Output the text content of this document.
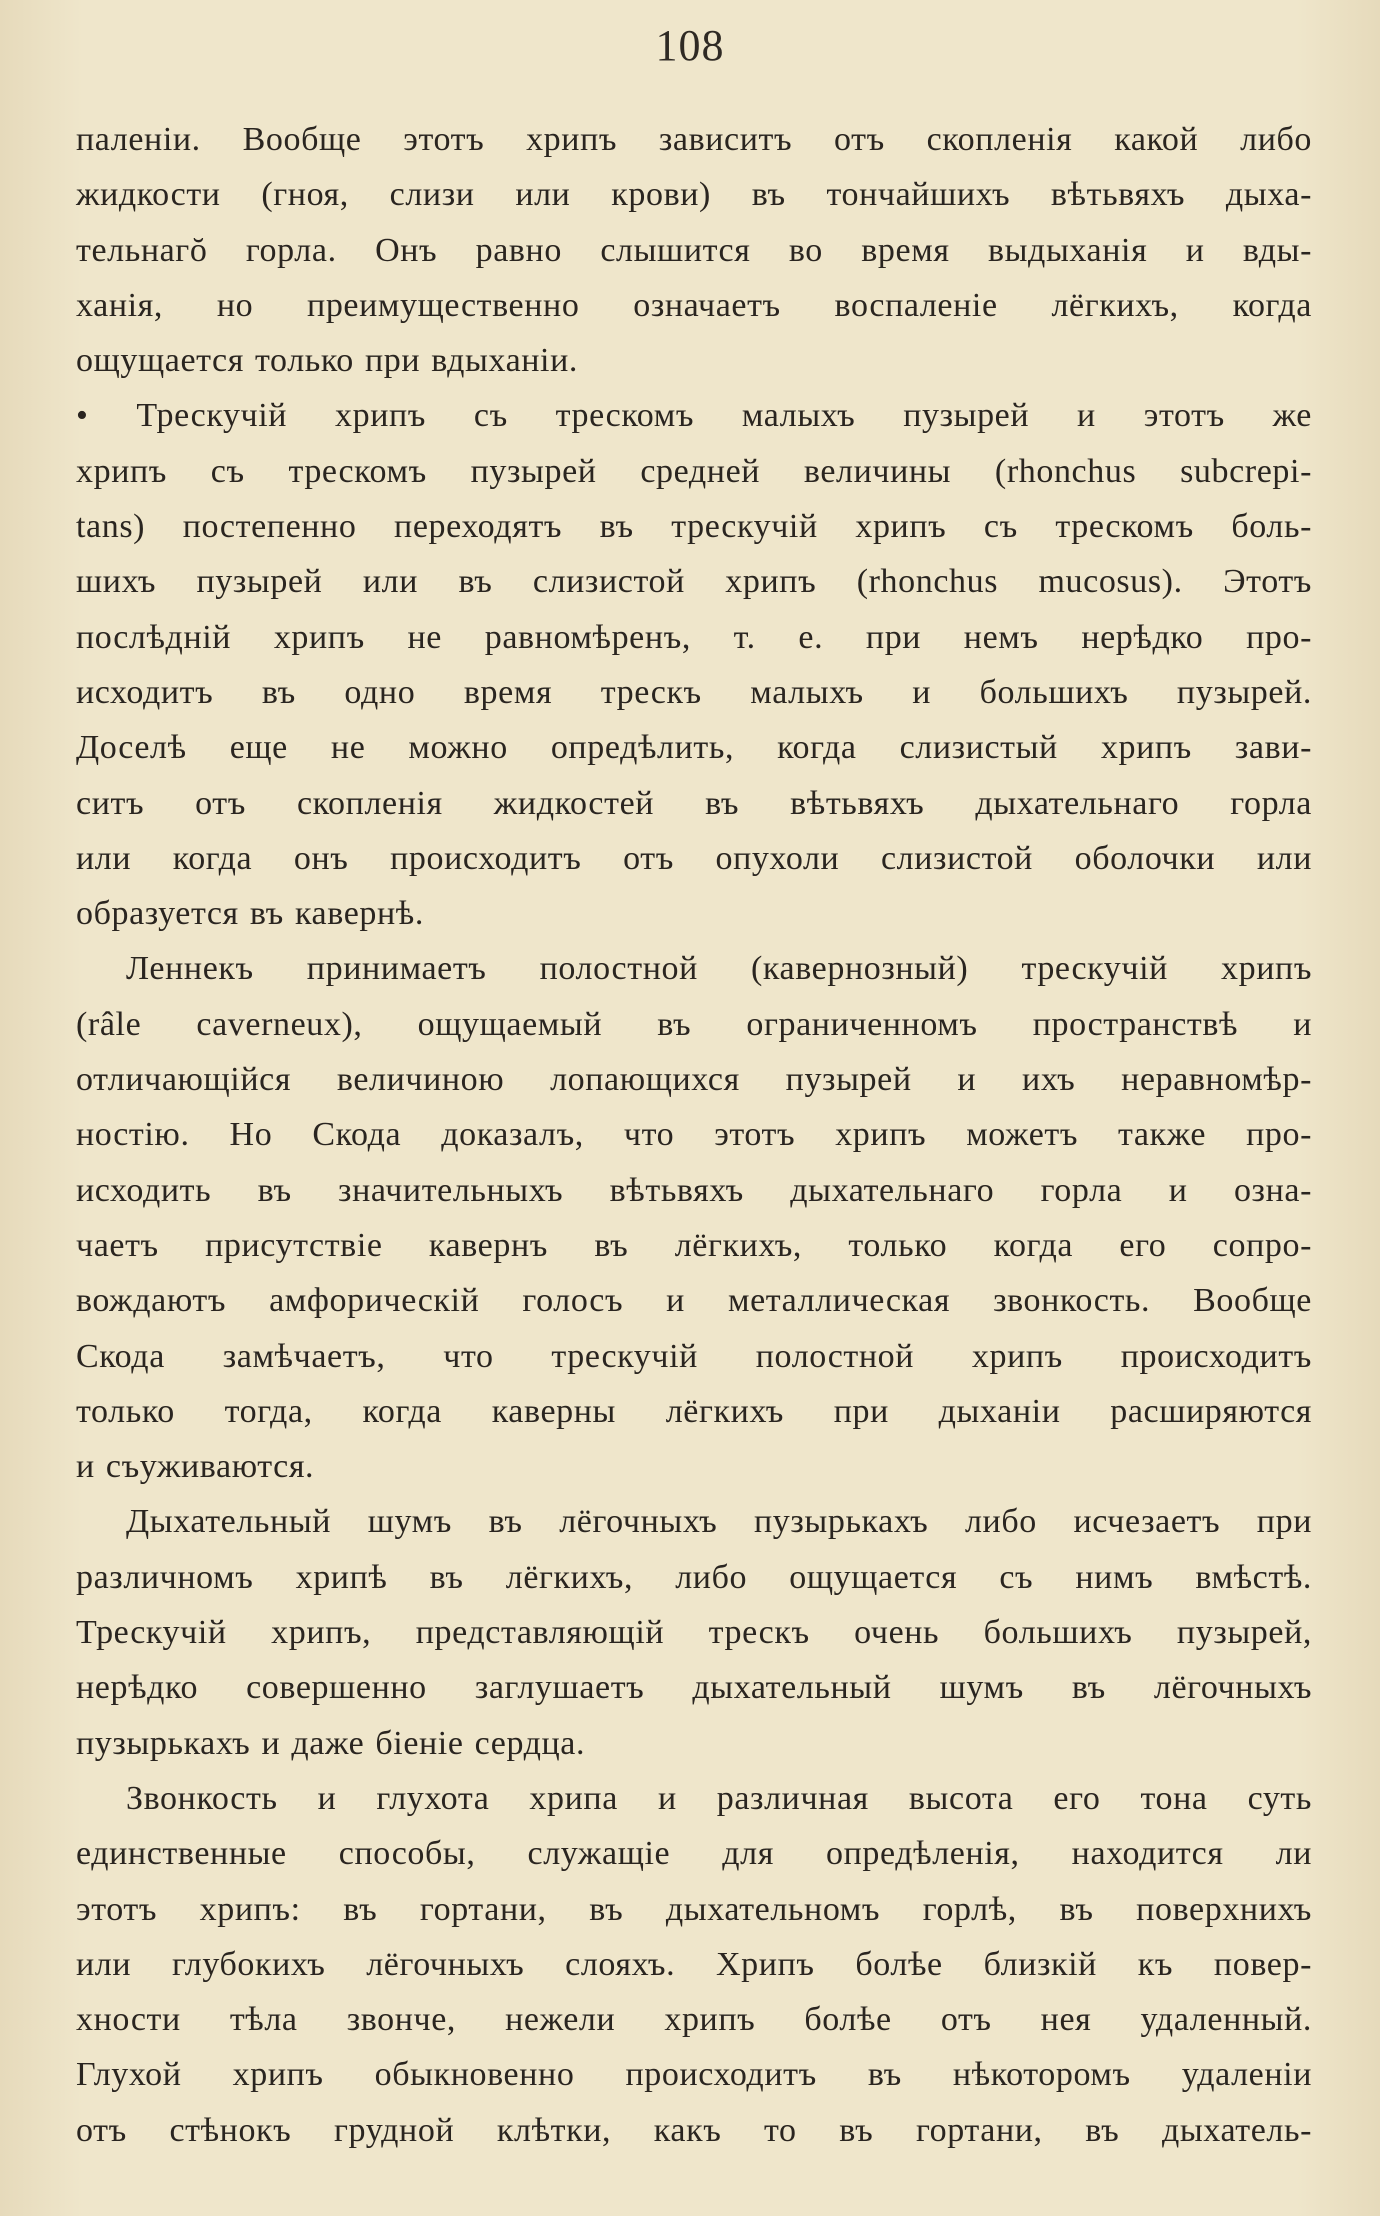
108
паленіи. Вообще этотъ хрипъ зависитъ отъ скопленія какой либо
жидкости (гноя, слизи или крови) въ тончайшихъ вѣтьвяхъ дыха-
тельнагŏ горла. Онъ равно слышится во время выдыханія и вды-
ханія, но преимущественно означаетъ воспаленіе лёгкихъ, когда
ощущается только при вдыханіи.
• Трескучій хрипъ съ трескомъ малыхъ пузырей и этотъ же
хрипъ съ трескомъ пузырей средней величины (rhonchus subcrepi-
tans) постепенно переходятъ въ трескучій хрипъ съ трескомъ боль-
шихъ пузырей или въ слизистой хрипъ (rhonchus mucosus). Этотъ
послѣдній хрипъ не равномѣренъ, т. е. при немъ нерѣдко про-
исходитъ въ одно время трескъ малыхъ и большихъ пузырей.
Доселѣ еще не можно опредѣлить, когда слизистый хрипъ зави-
ситъ отъ скопленія жидкостей въ вѣтьвяхъ дыхательнаго горла
или когда онъ происходитъ отъ опухоли слизистой оболочки или
образуется въ кавернѣ.
Леннекъ принимаетъ полостной (кавернозный) трескучій хрипъ
(râle caverneux), ощущаемый въ ограниченномъ пространствѣ и
отличающійся величиною лопающихся пузырей и ихъ неравномѣр-
ностію. Но Скода доказалъ, что этотъ хрипъ можетъ также про-
исходить въ значительныхъ вѣтьвяхъ дыхательнаго горла и озна-
чаетъ присутствіе кавернъ въ лёгкихъ, только когда его сопро-
вождаютъ амфорическій голосъ и металлическая звонкость. Вообще
Скода замѣчаетъ, что трескучій полостной хрипъ происходитъ
только тогда, когда каверны лёгкихъ при дыханіи расширяются
и съуживаются.
Дыхательный шумъ въ лёгочныхъ пузырькахъ либо исчезаетъ при
различномъ хрипѣ въ лёгкихъ, либо ощущается съ нимъ вмѣстѣ.
Трескучій хрипъ, представляющій трескъ очень большихъ пузырей,
нерѣдко совершенно заглушаетъ дыхательный шумъ въ лёгочныхъ
пузырькахъ и даже біеніе сердца.
Звонкость и глухота хрипа и различная высота его тона суть
единственные способы, служащіе для опредѣленія, находится ли
этотъ хрипъ: въ гортани, въ дыхательномъ горлѣ, въ поверхнихъ
или глубокихъ лёгочныхъ слояхъ. Хрипъ болѣе близкій къ повер-
хности тѣла звонче, нежели хрипъ болѣе отъ нея удаленный.
Глухой хрипъ обыкновенно происходитъ въ нѣкоторомъ удаленіи
отъ стѣнокъ грудной клѣтки, какъ то въ гортани, въ дыхатель-
